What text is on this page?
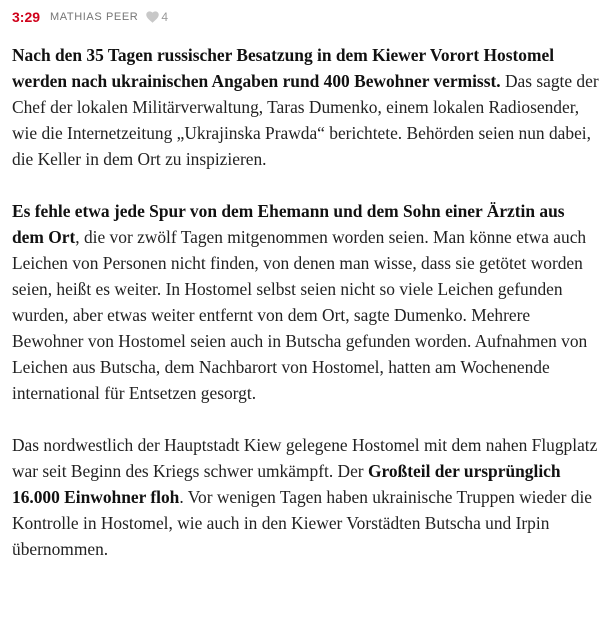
3:29 MATHIAS PEER 4

Nach den 35 Tagen russischer Besatzung in dem Kiewer Vorort Hostomel werden nach ukrainischen Angaben rund 400 Bewohner vermisst. Das sagte der Chef der lokalen Militärverwaltung, Taras Dumenko, einem lokalen Radiosender, wie die Internetzeitung „Ukrajinska Prawda“ berichtete. Behörden seien nun dabei, die Keller in dem Ort zu inspizieren.

Es fehle etwa jede Spur von dem Ehemann und dem Sohn einer Ärztin aus dem Ort, die vor zwölf Tagen mitgenommen worden seien. Man könne etwa auch Leichen von Personen nicht finden, von denen man wisse, dass sie getötet worden seien, heißt es weiter. In Hostomel selbst seien nicht so viele Leichen gefunden wurden, aber etwas weiter entfernt von dem Ort, sagte Dumenko. Mehrere Bewohner von Hostomel seien auch in Butscha gefunden worden. Aufnahmen von Leichen aus Butscha, dem Nachbarort von Hostomel, hatten am Wochenende international für Entsetzen gesorgt.

Das nordwestlich der Hauptstadt Kiew gelegene Hostomel mit dem nahen Flugplatz war seit Beginn des Kriegs schwer umkämpft. Der Großteil der ursprünglich 16.000 Einwohner floh. Vor wenigen Tagen haben ukrainische Truppen wieder die Kontrolle in Hostomel, wie auch in den Kiewer Vorstädten Butscha und Irpin übernommen.
